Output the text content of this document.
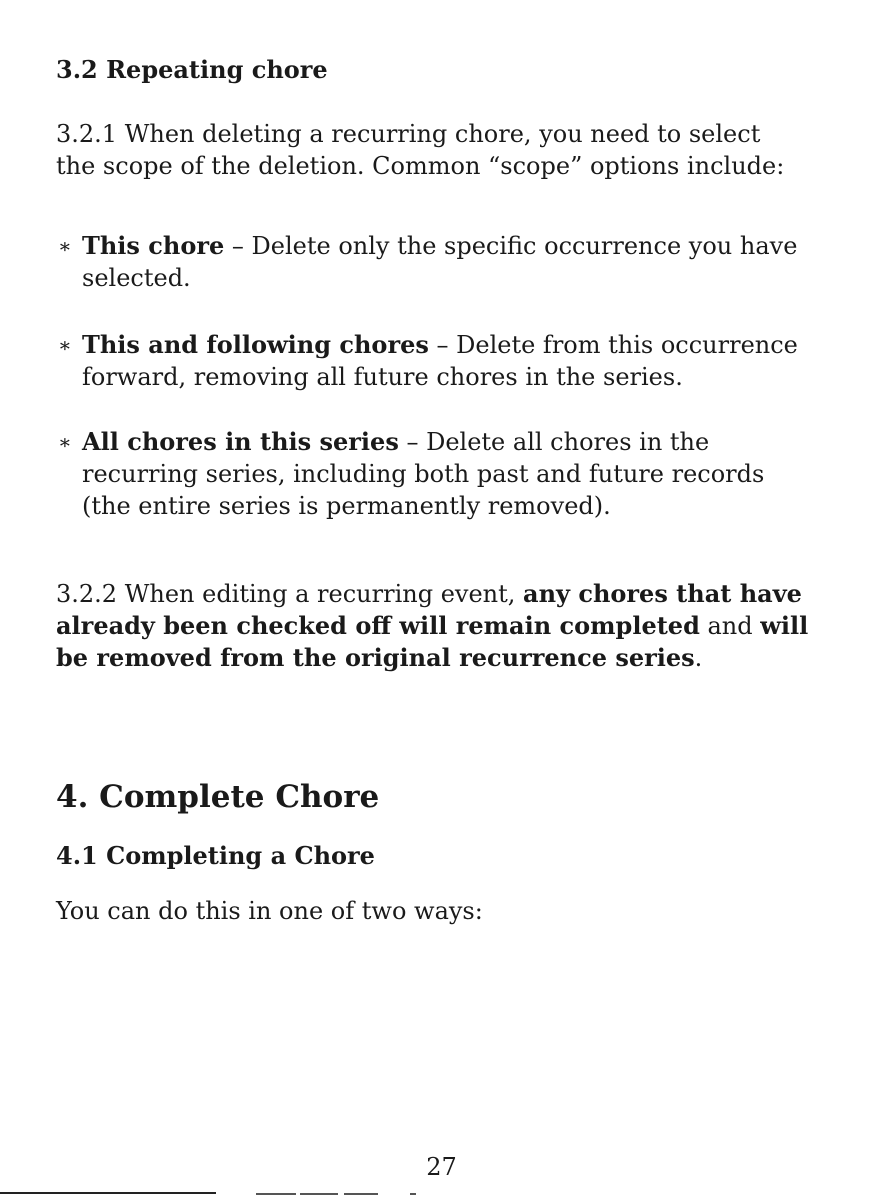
3.2 Repeating chore
3.2.1 When deleting a recurring chore, you need to select
the scope of the deletion. Common “scope” options include:
∗ This chore – Delete only the specific occurrence you have
selected.
∗ This and following chores – Delete from this occurrence
forward, removing all future chores in the series.
∗ All chores in this series – Delete all chores in the
recurring series, including both past and future records
(the entire series is permanently removed).
3.2.2 When editing a recurring event, any chores that have
already been checked off will remain completed and will
be removed from the original recurrence series.
4. Complete Chore
4.1 Completing a Chore
You can do this in one of two ways:
27
